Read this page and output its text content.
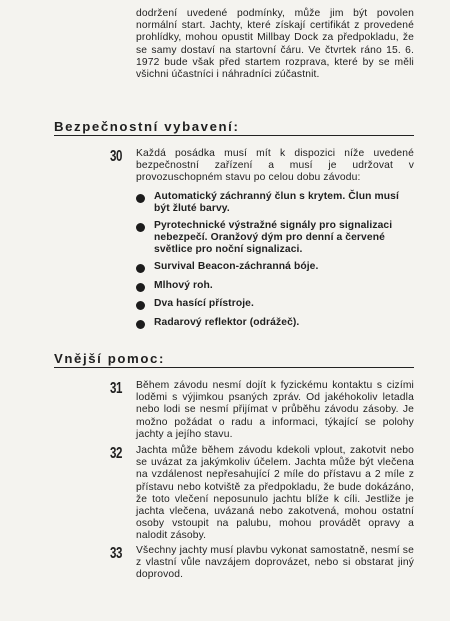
dodržení uvedené podmínky, může jim být povolen normální start. Jachty, které získají certifikát z provedené prohlídky, mohou opustit Millbay Dock za předpokladu, že se samy dostaví na startovní čáru. Ve čtvrtek ráno 15. 6. 1972 bude však před startem rozprava, které by se měli všichni účastníci i náhradníci zúčastnit.

Bezpečnostní vybavení:
30 Každá posádka musí mít k dispozici níže uvedené bezpečnostní zařízení a musí je udržovat v provozuschopném stavu po celou dobu závodu:

Automatický záchranný člun s krytem. Člun musí být žluté barvy.

Pyrotechnické výstražné signály pro signalizaci nebezpečí. Oranžový dým pro denní a červené světlice pro noční signalizaci.

Survival Beacon-záchranná bóje.

Mlhový roh.

Dva hasící přístroje.

Radarový reflektor (odrážeč).

Vnější pomoc:
31 Během závodu nesmí dojít k fyzickému kontaktu s cizími loděmi s výjimkou psaných zpráv. Od jakéhokoliv letadla nebo lodi se nesmí přijímat v průběhu závodu zásoby. Je možno požádat o radu a informaci, týkající se polohy jachty a jejího stavu.

32 Jachta může během závodu kdekoli vplout, zakotvit nebo se uvázat za jakýmkoliv účelem. Jachta může být vlečena na vzdálenost nepřesahující 2 míle do přístavu a 2 míle z přístavu nebo kotviště za předpokladu, že bude dokázáno, že toto vlečení neposunulo jachtu blíže k cíli. Jestliže je jachta vlečena, uvázaná nebo zakotvená, mohou ostatní osoby vstoupit na palubu, mohou provádět opravy a nalodit zásoby.

33 Všechny jachty musí plavbu vykonat samostatně, nesmí se z vlastní vůle navzájem doprovázet, nebo si obstarat jiný doprovod.
